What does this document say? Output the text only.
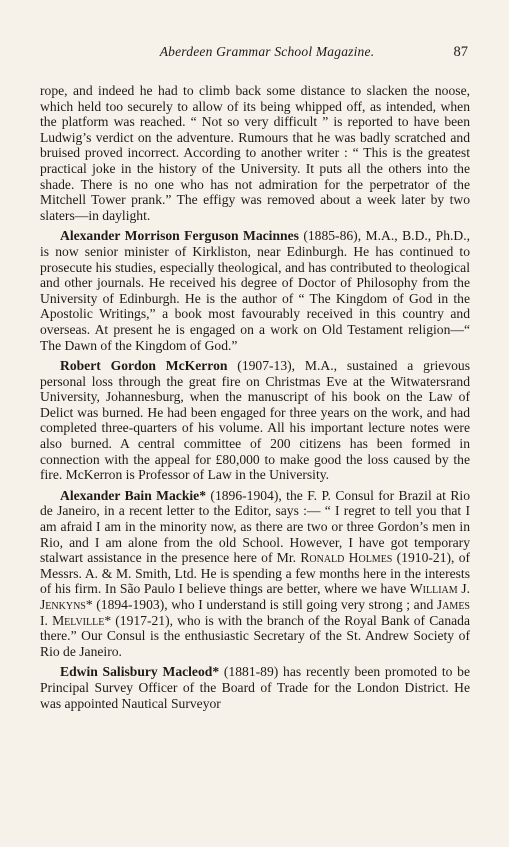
Aberdeen Grammar School Magazine.	87

rope, and indeed he had to climb back some distance to slacken the noose, which held too securely to allow of its being whipped off, as intended, when the platform was reached. “ Not so very difficult ” is reported to have been Ludwig’s verdict on the adventure. Rumours that he was badly scratched and bruised proved incorrect. According to another writer : “ This is the greatest practical joke in the history of the University. It puts all the others into the shade. There is no one who has not admiration for the perpetrator of the Mitchell Tower prank.” The effigy was removed about a week later by two slaters—in daylight.

Alexander Morrison Ferguson Macinnes (1885-86), M.A., B.D., Ph.D., is now senior minister of Kirkliston, near Edinburgh. He has continued to prosecute his studies, especially theological, and has contributed to theological and other journals. He received his degree of Doctor of Philosophy from the University of Edinburgh. He is the author of “ The Kingdom of God in the Apostolic Writings,” a book most favourably received in this country and overseas. At present he is engaged on a work on Old Testament religion—“ The Dawn of the Kingdom of God.”

Robert Gordon McKerron (1907-13), M.A., sustained a grievous personal loss through the great fire on Christmas Eve at the Witwatersrand University, Johannesburg, when the manuscript of his book on the Law of Delict was burned. He had been engaged for three years on the work, and had completed three-quarters of his volume. All his important lecture notes were also burned. A central committee of 200 citizens has been formed in connection with the appeal for £80,000 to make good the loss caused by the fire. McKerron is Professor of Law in the University.

Alexander Bain Mackie* (1896-1904), the F. P. Consul for Brazil at Rio de Janeiro, in a recent letter to the Editor, says :— “ I regret to tell you that I am afraid I am in the minority now, as there are two or three Gordon’s men in Rio, and I am alone from the old School. However, I have got temporary stalwart assistance in the presence here of Mr. Ronald Holmes (1910-21), of Messrs. A. & M. Smith, Ltd. He is spending a few months here in the interests of his firm. In São Paulo I believe things are better, where we have William J. Jenkyns* (1894-1903), who I understand is still going very strong ; and James I. Melville* (1917-21), who is with the branch of the Royal Bank of Canada there.” Our Consul is the enthusiastic Secretary of the St. Andrew Society of Rio de Janeiro.

Edwin Salisbury Macleod* (1881-89) has recently been promoted to be Principal Survey Officer of the Board of Trade for the London District. He was appointed Nautical Surveyor
